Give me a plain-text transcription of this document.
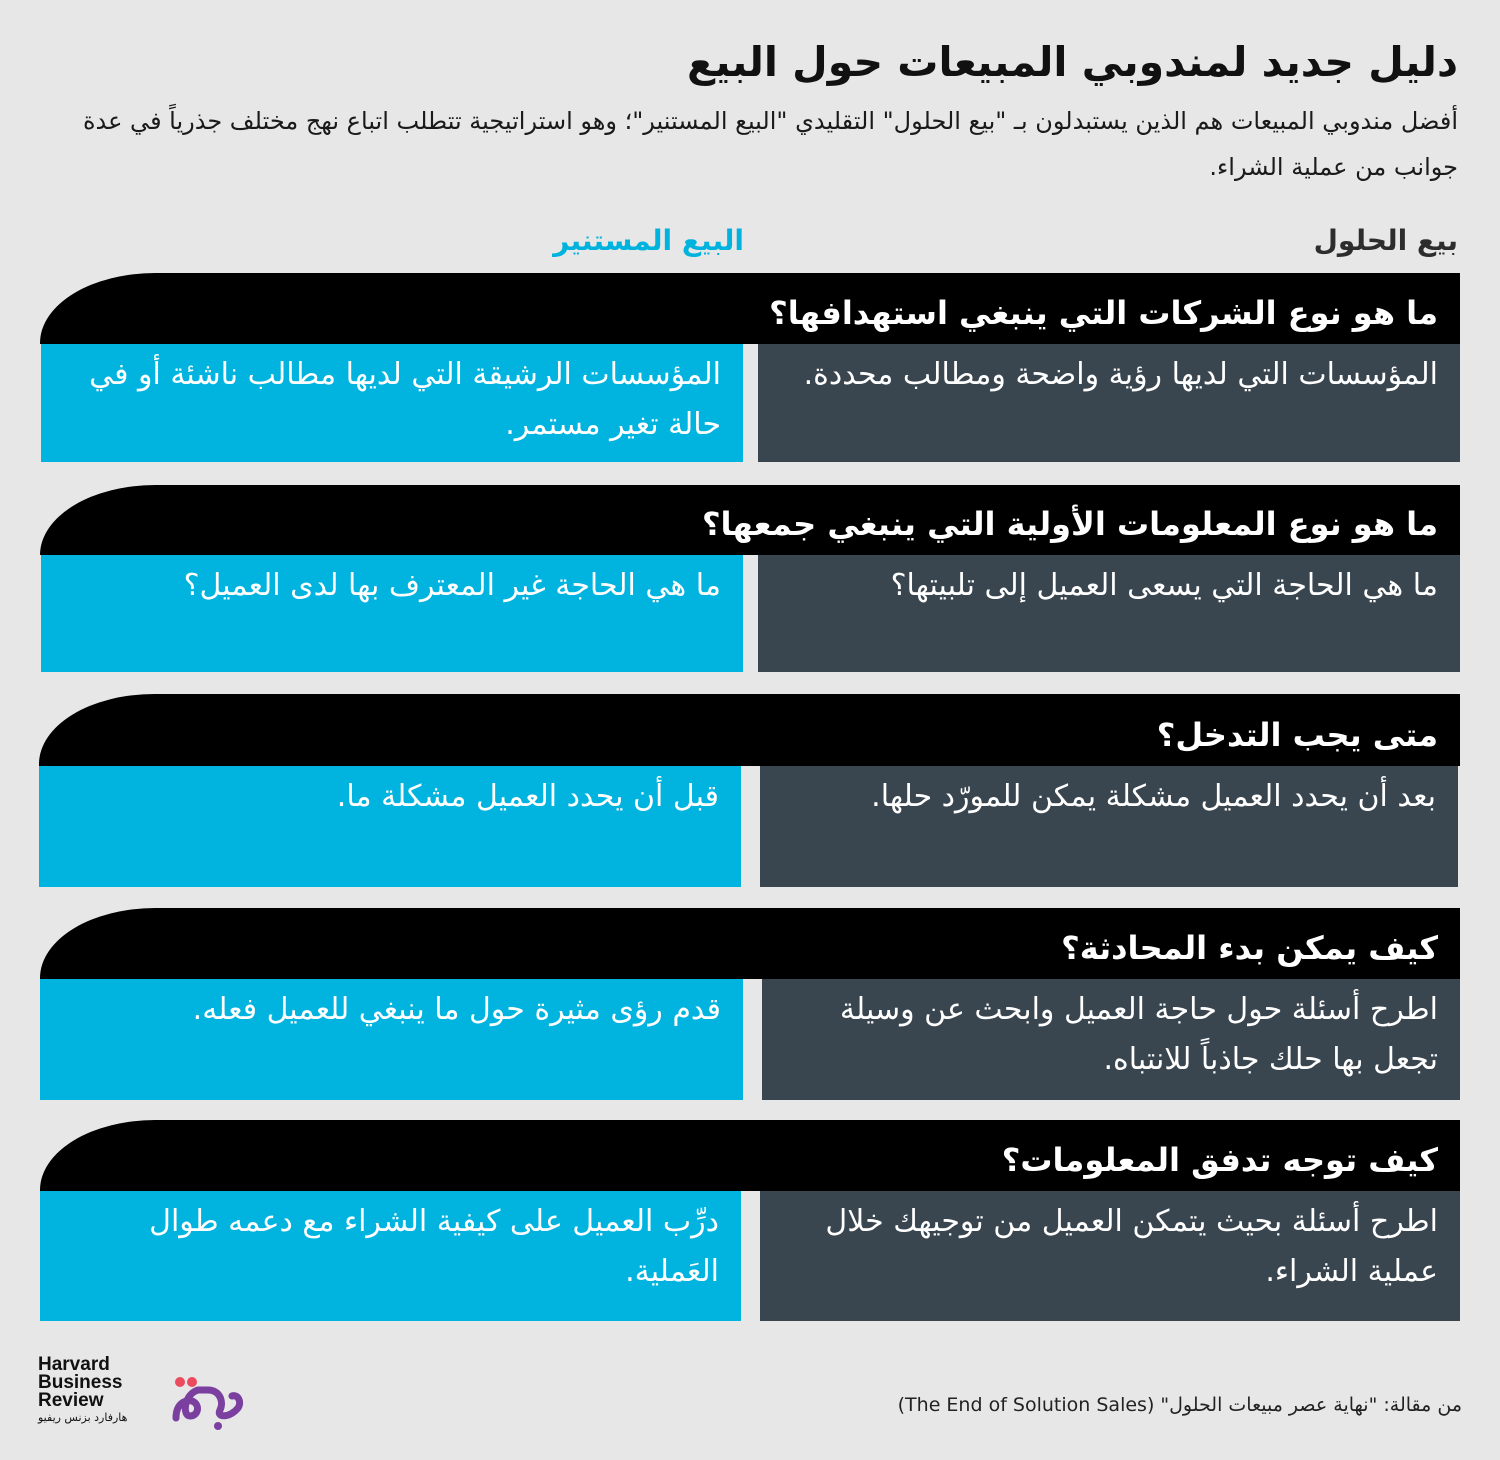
دليل جديد لمندوبي المبيعات حول البيع

أفضل مندوبي المبيعات هم الذين يستبدلون بـ "بيع الحلول" التقليدي "البيع المستنير"؛ وهو استراتيجية تتطلب اتباع نهج مختلف جذرياً في عدة جوانب من عملية الشراء.

بيع الحلول
البيع المستنير
ما هو نوع الشركات التي ينبغي استهدافها؟
المؤسسات التي لديها رؤية واضحة ومطالب محددة.
المؤسسات الرشيقة التي لديها مطالب ناشئة أو في حالة تغير مستمر.
ما هو نوع المعلومات الأولية التي ينبغي جمعها؟
ما هي الحاجة التي يسعى العميل إلى تلبيتها؟
ما هي الحاجة غير المعترف بها لدى العميل؟
متى يجب التدخل؟
بعد أن يحدد العميل مشكلة يمكن للمورّد حلها.
قبل أن يحدد العميل مشكلة ما.
كيف يمكن بدء المحادثة؟
اطرح أسئلة حول حاجة العميل وابحث عن وسيلة تجعل بها حلك جاذباً للانتباه.
قدم رؤى مثيرة حول ما ينبغي للعميل فعله.
كيف توجه تدفق المعلومات؟
اطرح أسئلة بحيث يتمكن العميل من توجيهك خلال عملية الشراء.
درِّب العميل على كيفية الشراء مع دعمه طوال العَملية.

من مقالة: "نهاية عصر مبيعات الحلول" (The End of Solution Sales)

Harvard
Business
Review
هارفارد بزنس ريفيو
